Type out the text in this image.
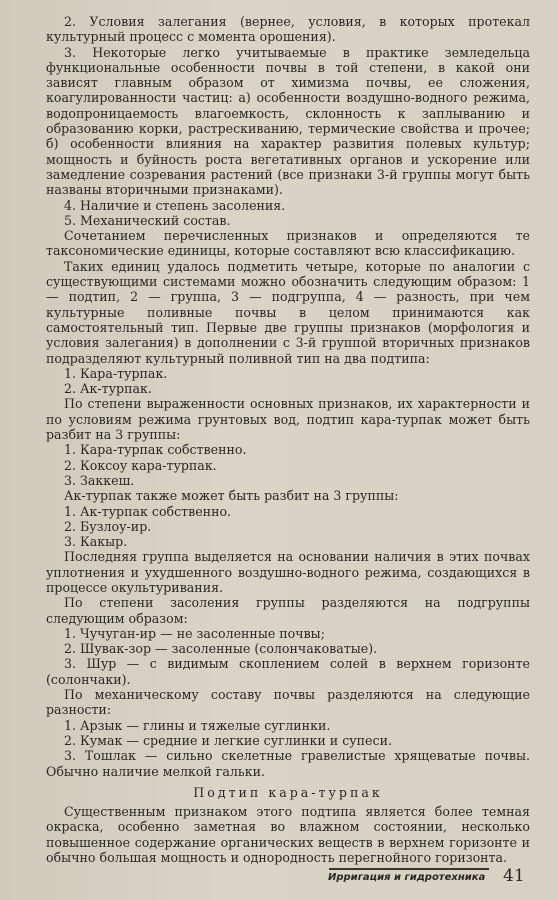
2. Условия залегания (вернее, условия, в которых протекал культурный процесс с момента орошения).
3. Некоторые легко учитываемые в практике земледельца функциональные особенности почвы в той степени, в какой они зависят главным образом от химизма почвы, ее сложения, коагулированности частиц: а) особенности воздушно-водного режима, водопроницаемость влагоемкость, склонность к заплыванию и образованию корки, растрескиванию, термические свойства и прочее; б) особенности влияния на характер развития полевых культур; мощность и буйность роста вегетативных органов и ускорение или замедление созревания растений (все признаки 3-й группы могут быть названы вторичными признаками).
4. Наличие и степень засоления.
5. Механический состав.
Сочетанием перечисленных признаков и определяются те таксономические единицы, которые составляют всю классификацию.
Таких единиц удалось подметить четыре, которые по аналогии с существующими системами можно обозначить следующим образом: 1 — подтип, 2 — группа, 3 — подгруппа, 4 — разность, при чем культурные поливные почвы в целом принимаются как самостоятельный тип. Первые две группы признаков (морфология и условия залегания) в дополнении с 3-й группой вторичных признаков подразделяют культурный поливной тип на два подтипа:
1. Кара-турпак.
2. Ак-турпак.
По степени выраженности основных признаков, их характерности и по условиям режима грунтовых вод, подтип кара-турпак может быть разбит на 3 группы:
1. Кара-турпак собственно.
2. Коксоу кара-турпак.
3. Заккеш.
Ак-турпак также может быть разбит на 3 группы:
1. Ак-турпак собственно.
2. Бузлоу-ир.
3. Какыр.
Последняя группа выделяется на основании наличия в этих почвах уплотнения и ухудшенного воздушно-водного режима, создающихся в процессе окультуривания.
По степени засоления группы разделяются на подгруппы следующим образом:
1. Чучуган-ир — не засоленные почвы;
2. Шувак-зор — засоленные (солончаковатые).
3. Шур — с видимым скоплением солей в верхнем горизонте (солончаки).
По механическому составу почвы разделяются на следующие разности:
1. Арзык — глины и тяжелые суглинки.
2. Кумак — средние и легкие суглинки и супеси.
3. Тошлак — сильно скелетные гравелистые хрящеватые почвы. Обычно наличие мелкой гальки.
Подтип кара-турпак
Существенным признаком этого подтипа является более темная окраска, особенно заметная во влажном состоянии, несколько повышенное содержание органических веществ в верхнем горизонте и обычно большая мощность и однородность перегнойного горизонта.
Ирригация и гидротехника 41
